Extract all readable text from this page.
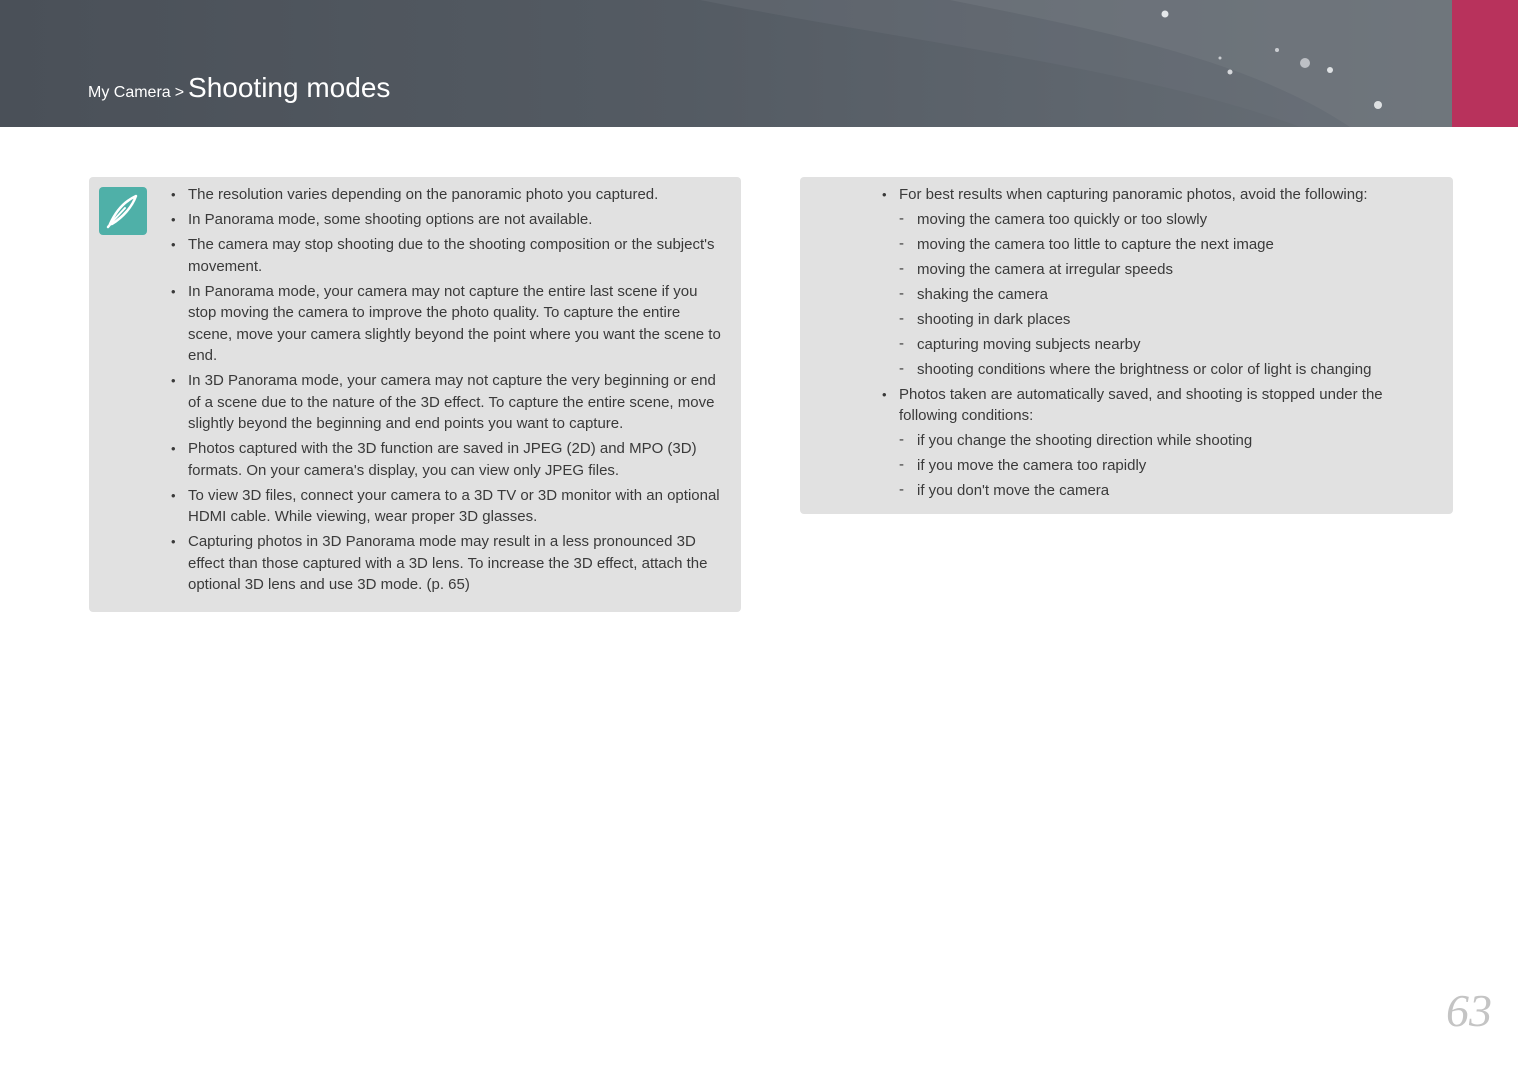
My Camera > Shooting modes
• The resolution varies depending on the panoramic photo you captured.
• In Panorama mode, some shooting options are not available.
• The camera may stop shooting due to the shooting composition or the subject's movement.
• In Panorama mode, your camera may not capture the entire last scene if you stop moving the camera to improve the photo quality. To capture the entire scene, move your camera slightly beyond the point where you want the scene to end.
• In 3D Panorama mode, your camera may not capture the very beginning or end of a scene due to the nature of the 3D effect. To capture the entire scene, move slightly beyond the beginning and end points you want to capture.
• Photos captured with the 3D function are saved in JPEG (2D) and MPO (3D) formats. On your camera's display, you can view only JPEG files.
• To view 3D files, connect your camera to a 3D TV or 3D monitor with an optional HDMI cable. While viewing, wear proper 3D glasses.
• Capturing photos in 3D Panorama mode may result in a less pronounced 3D effect than those captured with a 3D lens. To increase the 3D effect, attach the optional 3D lens and use 3D mode. (p. 65)
• For best results when capturing panoramic photos, avoid the following:
- moving the camera too quickly or too slowly
- moving the camera too little to capture the next image
- moving the camera at irregular speeds
- shaking the camera
- shooting in dark places
- capturing moving subjects nearby
- shooting conditions where the brightness or color of light is changing
• Photos taken are automatically saved, and shooting is stopped under the following conditions:
- if you change the shooting direction while shooting
- if you move the camera too rapidly
- if you don't move the camera
63
